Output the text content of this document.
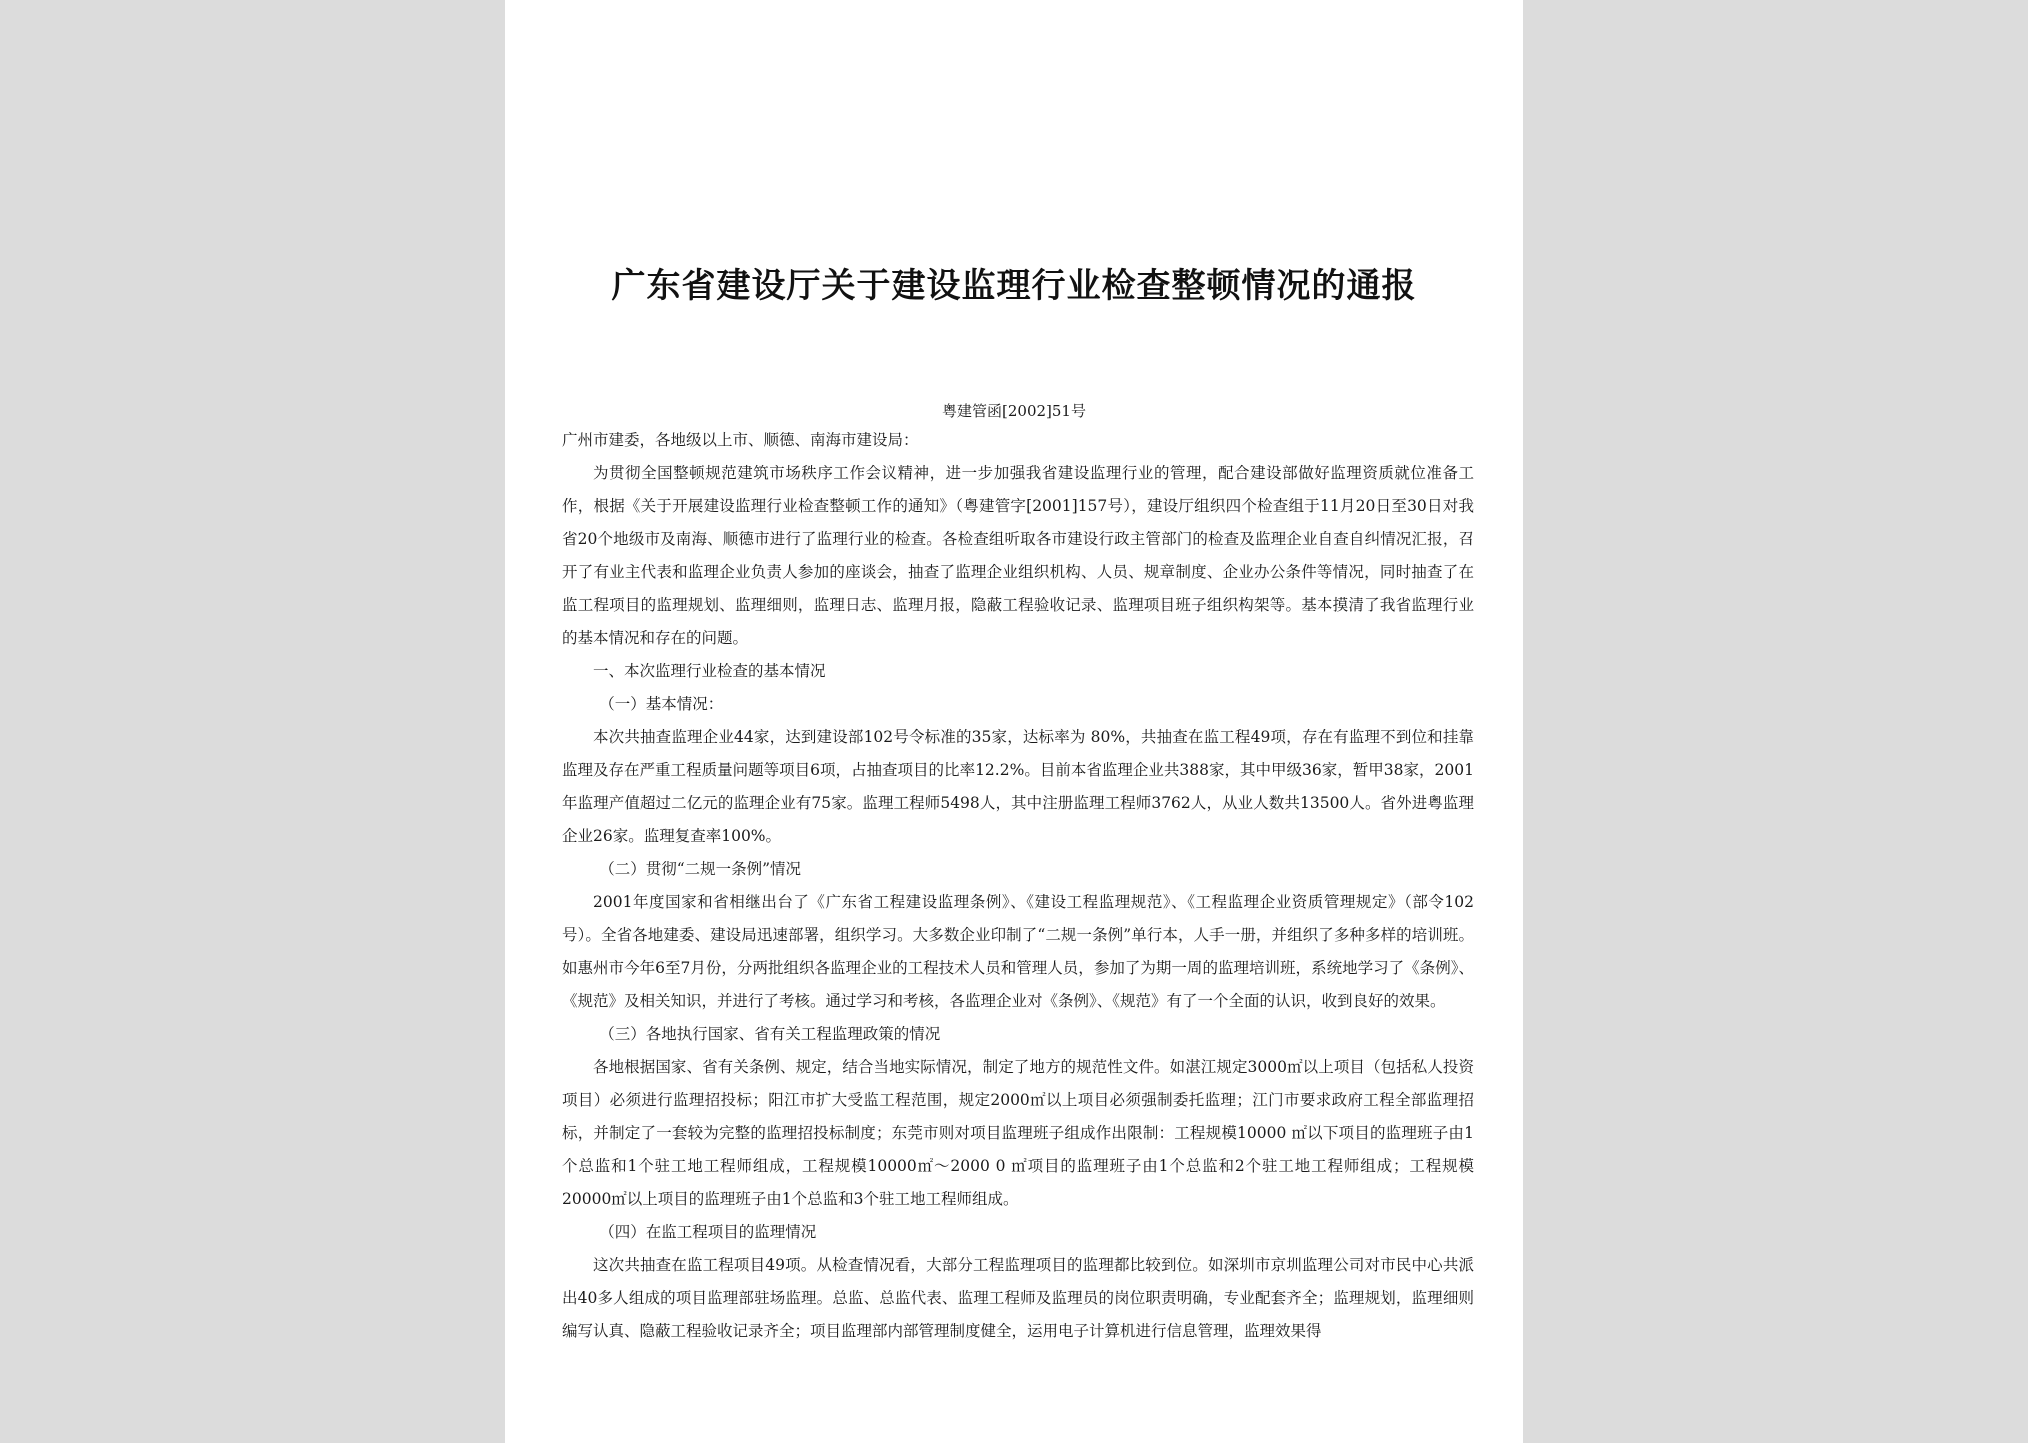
广东省建设厅关于建设监理行业检查整顿情况的通报
粤建管函[2002]51号

广州市建委，各地级以上市、顺德、南海市建设局：

为贯彻全国整顿规范建筑市场秩序工作会议精神，进一步加强我省建设监理行业的管理，配合建设部做好监理资质就位准备工作，根据《关于开展建设监理行业检查整顿工作的通知》（粤建管字[2001]157号），建设厅组织四个检查组于11月20日至30日对我省20个地级市及南海、顺德市进行了监理行业的检查。各检查组听取各市建设行政主管部门的检查及监理企业自查自纠情况汇报，召开了有业主代表和监理企业负责人参加的座谈会，抽查了监理企业组织机构、人员、规章制度、企业办公条件等情况，同时抽查了在监工程项目的监理规划、监理细则，监理日志、监理月报，隐蔽工程验收记录、监理项目班子组织构架等。基本摸清了我省监理行业的基本情况和存在的问题。

一、本次监理行业检查的基本情况

（一）基本情况：

本次共抽查监理企业44家，达到建设部102号令标准的35家，达标率为 80%，共抽查在监工程49项，存在有监理不到位和挂靠监理及存在严重工程质量问题等项目6项，占抽查项目的比率12.2%。目前本省监理企业共388家，其中甲级36家，暂甲38家，2001年监理产值超过二亿元的监理企业有75家。监理工程师5498人，其中注册监理工程师3762人，从业人数共13500人。省外进粤监理企业26家。监理复查率100%。

（二）贯彻“二规一条例”情况

2001年度国家和省相继出台了《广东省工程建设监理条例》、《建设工程监理规范》、《工程监理企业资质管理规定》（部令102号）。全省各地建委、建设局迅速部署，组织学习。大多数企业印制了“二规一条例”单行本，人手一册，并组织了多种多样的培训班。如惠州市今年6至7月份，分两批组织各监理企业的工程技术人员和管理人员，参加了为期一周的监理培训班，系统地学习了《条例》、《规范》及相关知识，并进行了考核。通过学习和考核，各监理企业对《条例》、《规范》有了一个全面的认识，收到良好的效果。

（三）各地执行国家、省有关工程监理政策的情况

各地根据国家、省有关条例、规定，结合当地实际情况，制定了地方的规范性文件。如湛江规定3000㎡以上项目（包括私人投资项目）必须进行监理招投标；阳江市扩大受监工程范围，规定2000㎡以上项目必须强制委托监理；江门市要求政府工程全部监理招标，并制定了一套较为完整的监理招投标制度；东莞市则对项目监理班子组成作出限制：工程规模10000 ㎡以下项目的监理班子由1个总监和1个驻工地工程师组成，工程规模10000㎡～2000 0 ㎡项目的监理班子由1个总监和2个驻工地工程师组成；工程规模20000㎡以上项目的监理班子由1个总监和3个驻工地工程师组成。

（四）在监工程项目的监理情况

这次共抽查在监工程项目49项。从检查情况看，大部分工程监理项目的监理都比较到位。如深圳市京圳监理公司对市民中心共派出40多人组成的项目监理部驻场监理。总监、总监代表、监理工程师及监理员的岗位职责明确，专业配套齐全；监理规划，监理细则编写认真、隐蔽工程验收记录齐全；项目监理部内部管理制度健全，运用电子计算机进行信息管理，监理效果得
